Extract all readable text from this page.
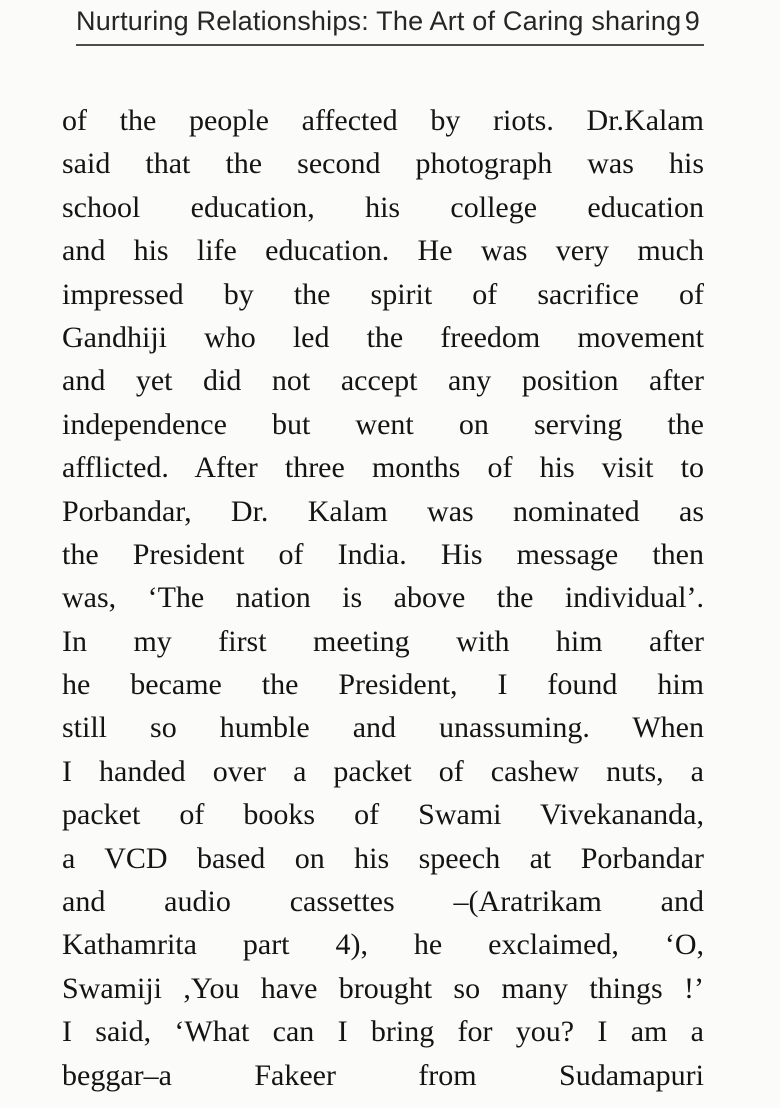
Nurturing Relationships: The Art of Caring sharing 9
of the people affected by riots. Dr.Kalam
said that the second photograph was his
school education, his college education
and his life education. He was very much
impressed by the spirit of sacrifice of
Gandhiji who led the freedom movement
and yet did not accept any position after
independence but went on serving the
afflicted. After three months of his visit to
Porbandar, Dr. Kalam was nominated as
the President of India. His message then
was, ‘The nation is above the individual’.
In my first meeting with him after
he became the President, I found him
still so humble and unassuming. When
I handed over a packet of cashew nuts, a
packet of books of Swami Vivekananda,
a VCD based on his speech at Porbandar
and audio cassettes –(Aratrikam and
Kathamrita part 4), he exclaimed, ‘O,
Swamiji ,You have brought so many things !’
I said, ‘What can I bring for you? I am a
beggar–a Fakeer from Sudamapuri
